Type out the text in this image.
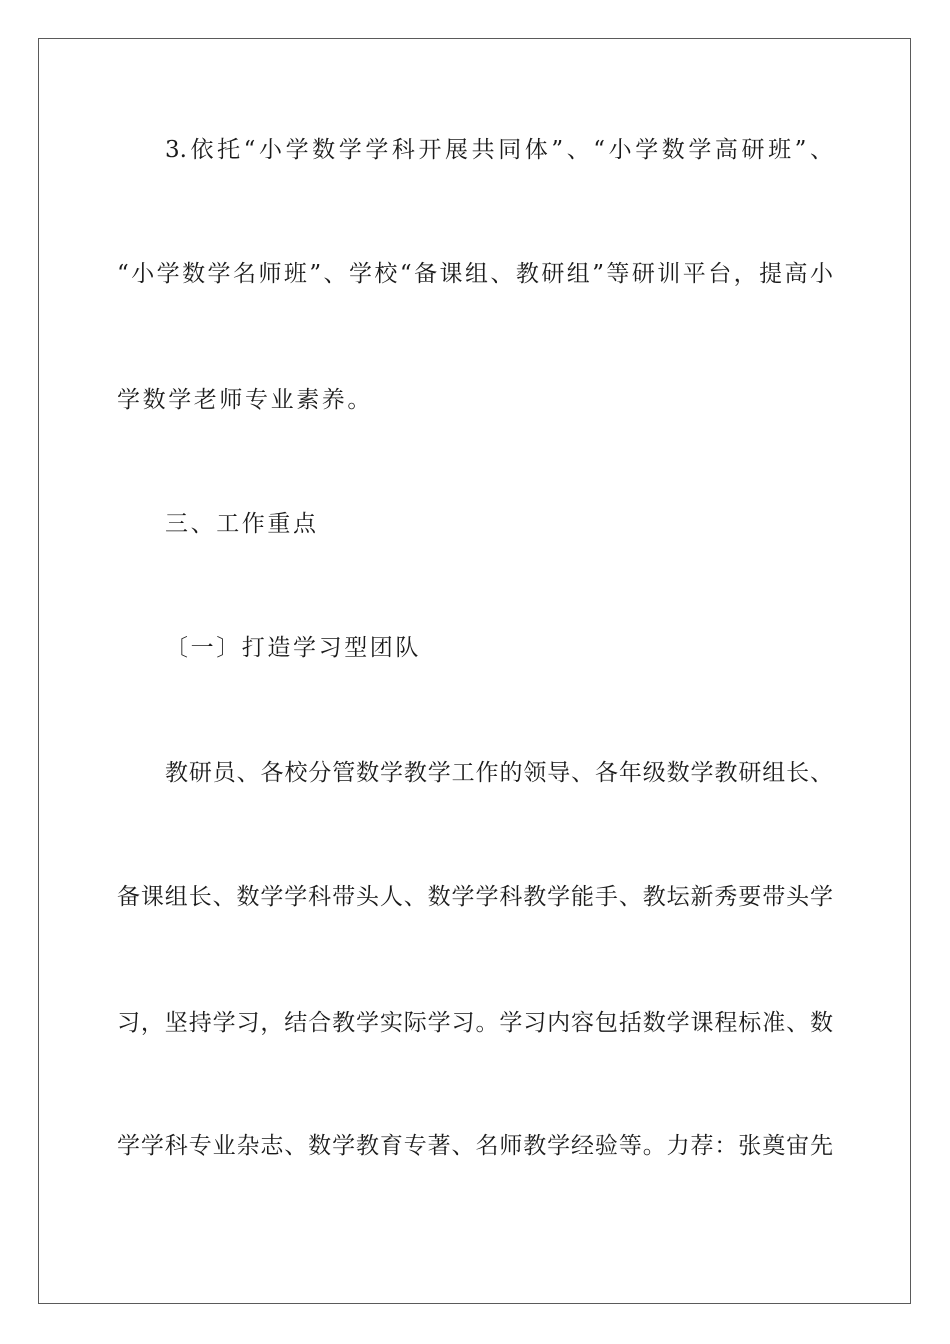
3.依托“小学数学学科开展共同体”、“小学数学高研班”、
“小学数学名师班”、学校“备课组、教研组”等研训平台，提高小
学数学老师专业素养。
三、工作重点
〔一〕打造学习型团队
教研员、各校分管数学教学工作的领导、各年级数学教研组长、
备课组长、数学学科带头人、数学学科教学能手、教坛新秀要带头学
习，坚持学习，结合教学实际学习。学习内容包括数学课程标准、数
学学科专业杂志、数学教育专著、名师教学经验等。力荐：张奠宙先
